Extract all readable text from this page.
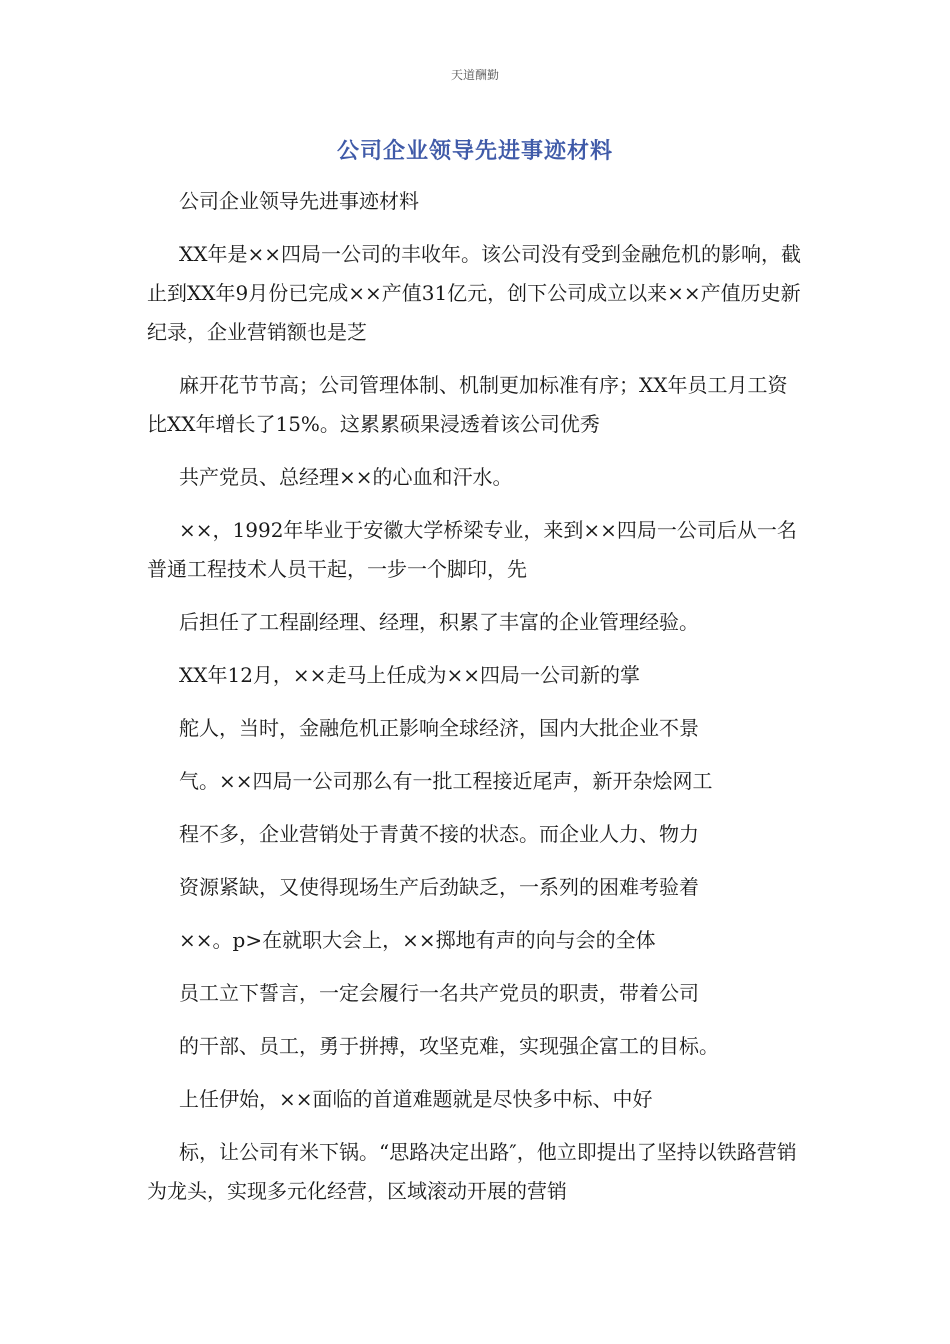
天道酬勤
公司企业领导先进事迹材料

公司企业领导先进事迹材料

XX年是××四局一公司的丰收年。该公司没有受到金融危机的影响，截止到XX年9月份已完成××产值31亿元，创下公司成立以来××产值历史新纪录，企业营销额也是芝

麻开花节节高；公司管理体制、机制更加标准有序；XX年员工月工资比XX年增长了15%。这累累硕果浸透着该公司优秀

共产党员、总经理××的心血和汗水。

××，1992年毕业于安徽大学桥梁专业，来到××四局一公司后从一名普通工程技术人员干起，一步一个脚印，先

后担任了工程副经理、经理，积累了丰富的企业管理经验。

XX年12月，××走马上任成为××四局一公司新的掌

舵人，当时，金融危机正影响全球经济，国内大批企业不景

气。××四局一公司那么有一批工程接近尾声，新开杂烩网工

程不多，企业营销处于青黄不接的状态。而企业人力、物力

资源紧缺，又使得现场生产后劲缺乏，一系列的困难考验着

××。p>在就职大会上，××掷地有声的向与会的全体

员工立下誓言，一定会履行一名共产党员的职责，带着公司

的干部、员工，勇于拼搏，攻坚克难，实现强企富工的目标。

上任伊始，××面临的首道难题就是尽快多中标、中好

标，让公司有米下锅。“思路决定出路″，他立即提出了坚持以铁路营销为龙头，实现多元化经营，区域滚动开展的营销
